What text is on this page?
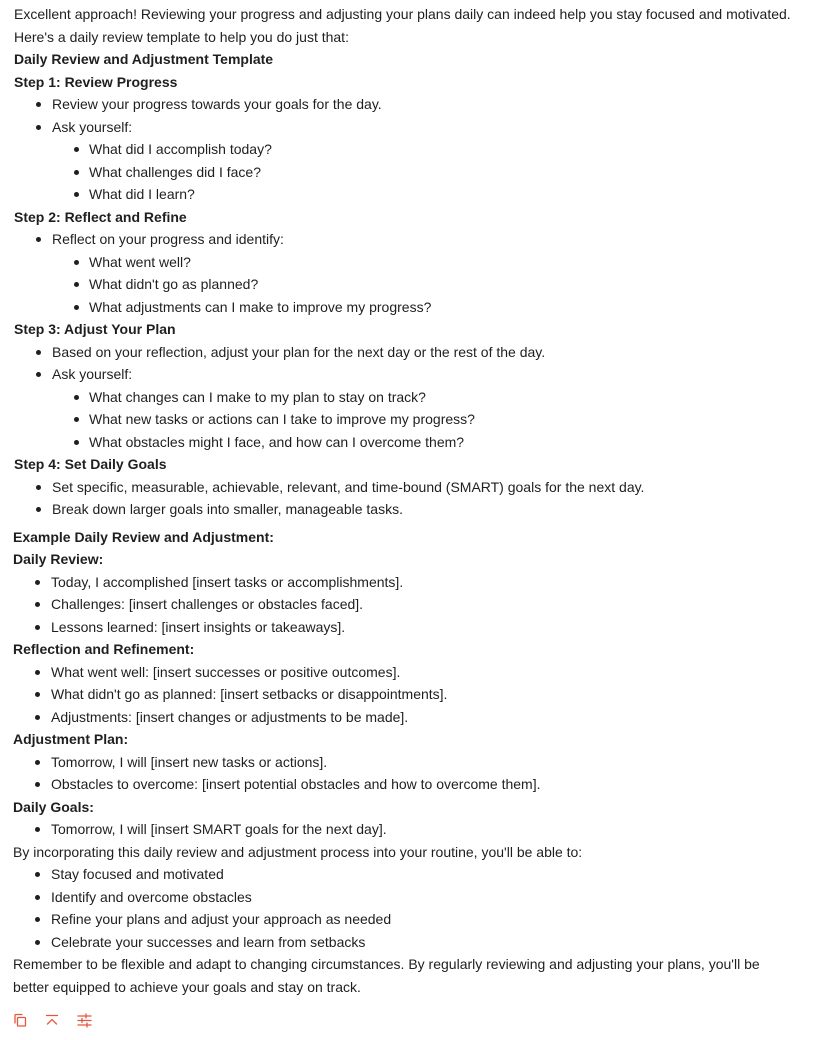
Excellent approach! Reviewing your progress and adjusting your plans daily can indeed help you stay focused and motivated.

Here's a daily review template to help you do just that:

Daily Review and Adjustment Template

Step 1: Review Progress

Review your progress towards your goals for the day.
Ask yourself:
What did I accomplish today?
What challenges did I face?
What did I learn?

Step 2: Reflect and Refine

Reflect on your progress and identify:
What went well?
What didn't go as planned?
What adjustments can I make to improve my progress?

Step 3: Adjust Your Plan

Based on your reflection, adjust your plan for the next day or the rest of the day.
Ask yourself:
What changes can I make to my plan to stay on track?
What new tasks or actions can I take to improve my progress?
What obstacles might I face, and how can I overcome them?

Step 4: Set Daily Goals

Set specific, measurable, achievable, relevant, and time-bound (SMART) goals for the next day.
Break down larger goals into smaller, manageable tasks.

Example Daily Review and Adjustment:

Daily Review:

Today, I accomplished [insert tasks or accomplishments].
Challenges: [insert challenges or obstacles faced].
Lessons learned: [insert insights or takeaways].

Reflection and Refinement:

What went well: [insert successes or positive outcomes].
What didn't go as planned: [insert setbacks or disappointments].
Adjustments: [insert changes or adjustments to be made].

Adjustment Plan:

Tomorrow, I will [insert new tasks or actions].
Obstacles to overcome: [insert potential obstacles and how to overcome them].

Daily Goals:

Tomorrow, I will [insert SMART goals for the next day].

By incorporating this daily review and adjustment process into your routine, you'll be able to:

Stay focused and motivated
Identify and overcome obstacles
Refine your plans and adjust your approach as needed
Celebrate your successes and learn from setbacks

Remember to be flexible and adapt to changing circumstances. By regularly reviewing and adjusting your plans, you'll be

better equipped to achieve your goals and stay on track.
